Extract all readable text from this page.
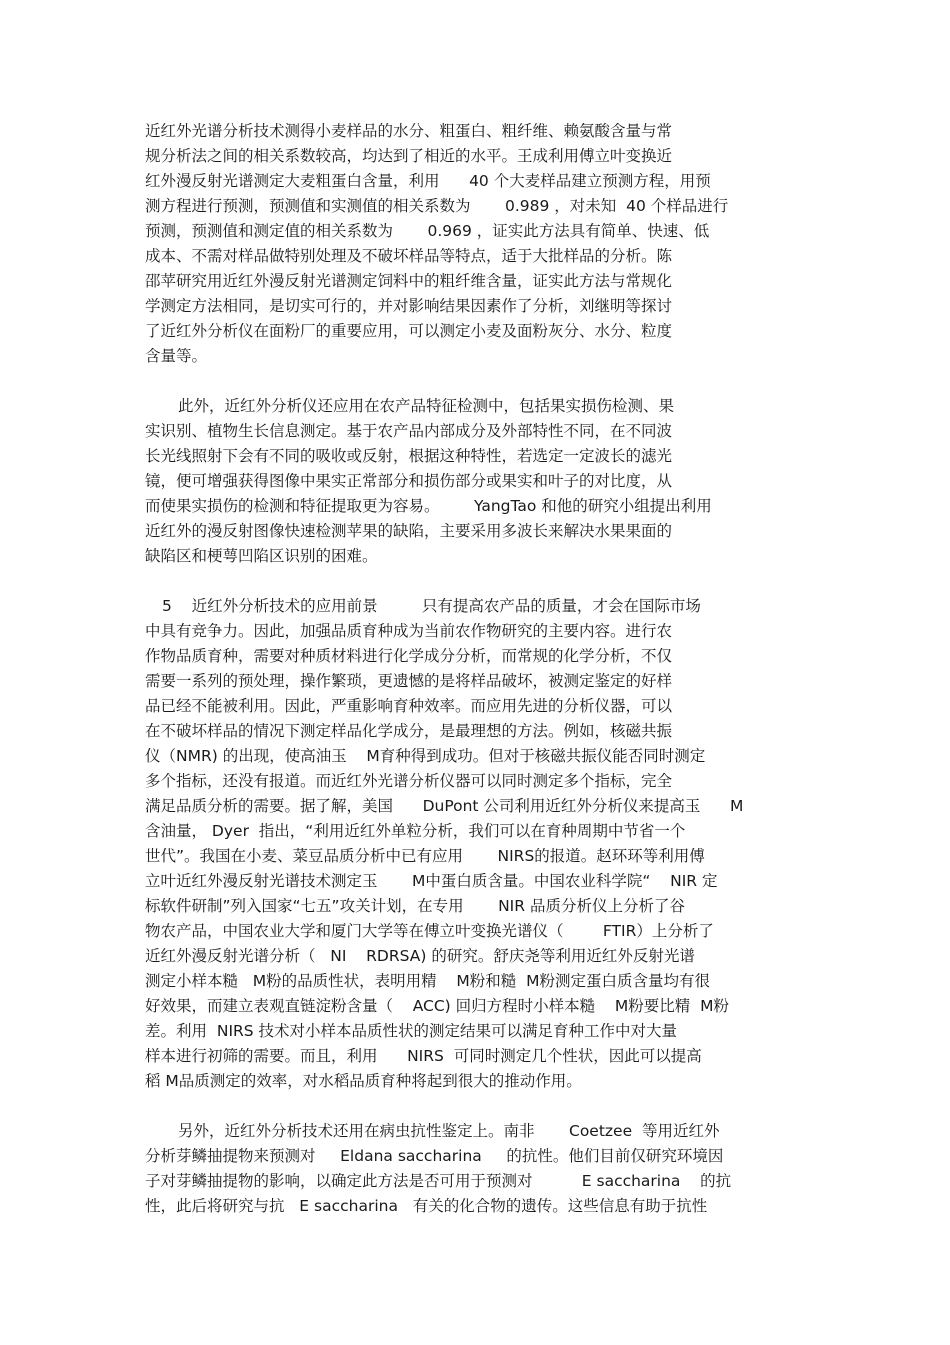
近红外光谱分析技术测得小麦样品的水分、粗蛋白、粗纤维、赖氨酸含量与常
规分析法之间的相关系数较高，均达到了相近的水平。王成利用傅立叶变换近
红外漫反射光谱测定大麦粗蛋白含量，利用      40 个大麦样品建立预测方程，用预
测方程进行预测，预测值和实测值的相关系数为       0.989 ，对未知  40 个样品进行
预测，预测值和测定值的相关系数为       0.969 ，证实此方法具有简单、快速、低
成本、不需对样品做特别处理及不破坏样品等特点，适于大批样品的分析。陈
邵苹研究用近红外漫反射光谱测定饲料中的粗纤维含量，证实此方法与常规化
学测定方法相同，是切实可行的，并对影响结果因素作了分析，刘继明等探讨
了近红外分析仪在面粉厂的重要应用，可以测定小麦及面粉灰分、水分、粒度
含量等。
此外，近红外分析仪还应用在农产品特征检测中，包括果实损伤检测、果
实识别、植物生长信息测定。基于农产品内部成分及外部特性不同，在不同波
长光线照射下会有不同的吸收或反射，根据这种特性，若选定一定波长的滤光
镜，便可增强获得图像中果实正常部分和损伤部分或果实和叶子的对比度，从
而使果实损伤的检测和特征提取更为容易。       YangTao 和他的研究小组提出利用
近红外的漫反射图像快速检测苹果的缺陷，主要采用多波长来解决水果果面的
缺陷区和梗萼凹陷区识别的困难。
5    近红外分析技术的应用前景         只有提高农产品的质量，才会在国际市场
中具有竞争力。因此，加强品质育种成为当前农作物研究的主要内容。进行农
作物品质育种，需要对种质材料进行化学成分分析，而常规的化学分析，不仅
需要一系列的预处理，操作繁琐，更遗憾的是将样品破坏，被测定鉴定的好样
品已经不能被利用。因此，严重影响育种效率。而应用先进的分析仪器，可以
在不破坏样品的情况下测定样品化学成分，是最理想的方法。例如，核磁共振
仪（NMR) 的出现，使高油玉    M育种得到成功。但对于核磁共振仪能否同时测定
多个指标，还没有报道。而近红外光谱分析仪器可以同时测定多个指标，完全
满足品质分析的需要。据了解，美国      DuPont 公司利用近红外分析仪来提高玉      M
含油量， Dyer  指出，“利用近红外单粒分析，我们可以在育种周期中节省一个
世代”。我国在小麦、菜豆品质分析中已有应用       NIRS的报道。赵环环等利用傅
立叶近红外漫反射光谱技术测定玉       M中蛋白质含量。中国农业科学院“    NIR 定
标软件研制”列入国家“七五”攻关计划，在专用       NIR 品质分析仪上分析了谷
物农产品，中国农业大学和厦门大学等在傅立叶变换光谱仪（        FTIR）上分析了
近红外漫反射光谱分析（   NI    RDRSA) 的研究。舒庆尧等利用近红外反射光谱
测定小样本糙   M粉的品质性状，表明用精    M粉和糙  M粉测定蛋白质含量均有很
好效果，而建立表观直链淀粉含量（    ACC) 回归方程时小样本糙    M粉要比精  M粉
差。利用  NIRS 技术对小样本品质性状的测定结果可以满足育种工作中对大量
样本进行初筛的需要。而且，利用      NIRS  可同时测定几个性状，因此可以提高
稻 M品质测定的效率，对水稻品质育种将起到很大的推动作用。
另外，近红外分析技术还用在病虫抗性鉴定上。南非       Coetzee  等用近红外
分析芽鳞抽提物来预测对     Eldana saccharina     的抗性。他们目前仅研究环境因
子对芽鳞抽提物的影响，以确定此方法是否可用于预测对          E saccharina    的抗
性，此后将研究与抗   E saccharina   有关的化合物的遗传。这些信息有助于抗性
